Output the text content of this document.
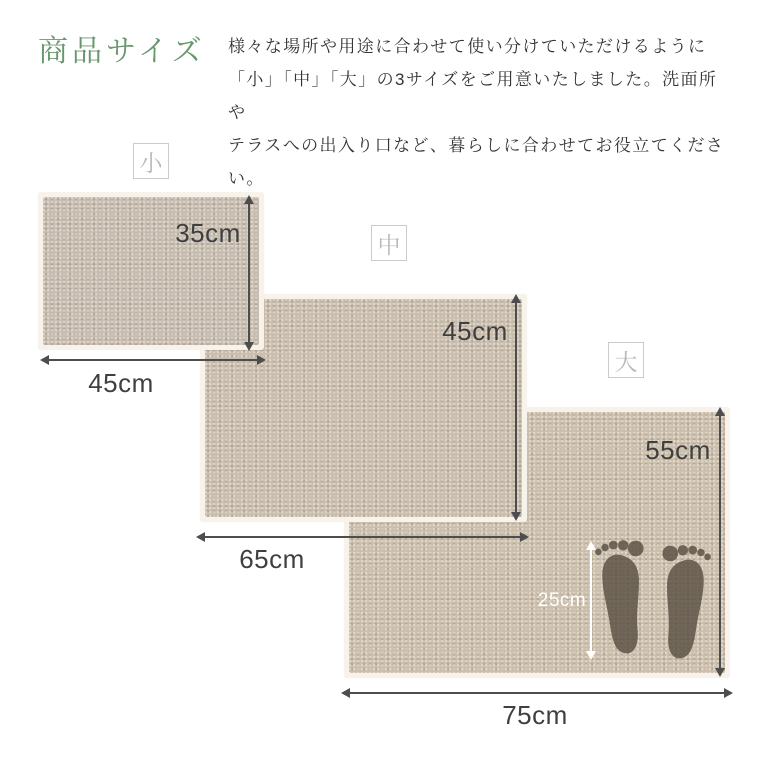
商品サイズ 様々な場所や用途に合わせて使い分けていただけるように
「小」「中」「大」の3サイズをご用意いたしました。洗面所や
テラスへの出入り口など、暮らしに合わせてお役立てください。
小
中
大
35cm
45cm
45cm
65cm
55cm
75cm
25cm
